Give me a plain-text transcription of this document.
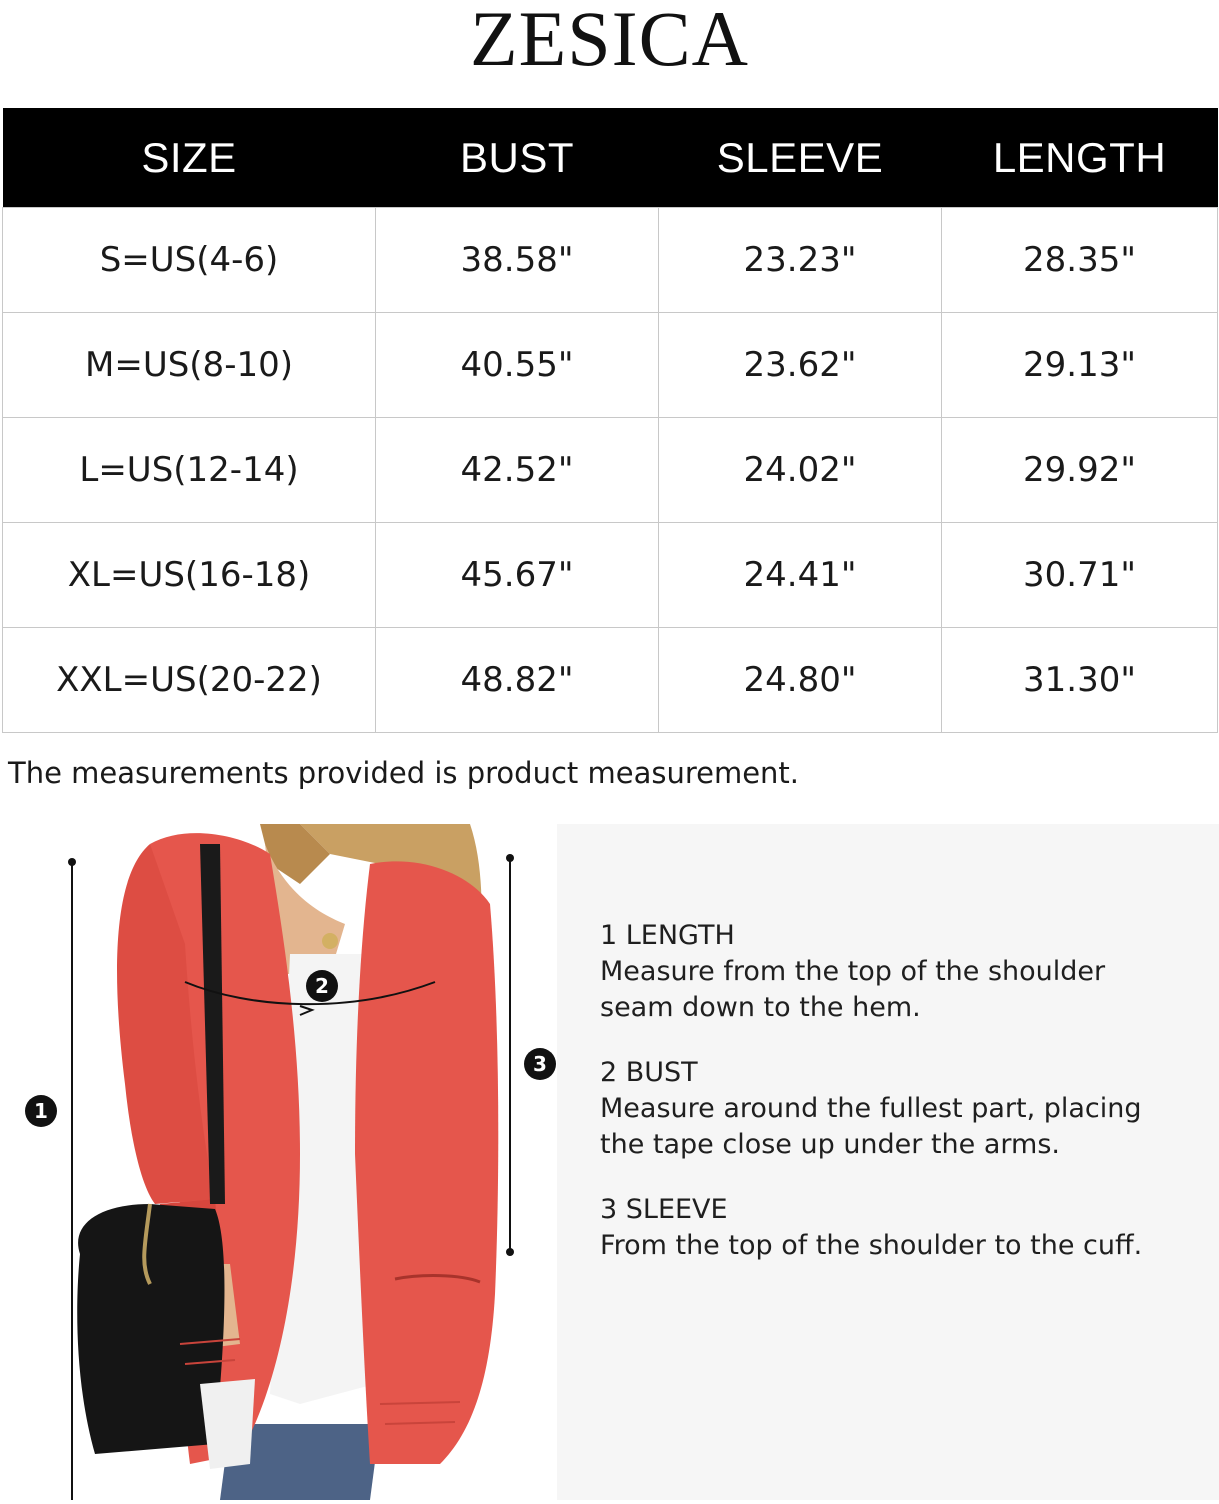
ZESICA
SIZE	BUST	SLEEVE	LENGTH
S=US(4-6)	38.58"	23.23"	28.35"
M=US(8-10)	40.55"	23.62"	29.13"
L=US(12-14)	42.52"	24.02"	29.92"
XL=US(16-18)	45.67"	24.41"	30.71"
XXL=US(20-22)	48.82"	24.80"	31.30"
The measurements provided is product measurement.
1
2
3
1 LENGTH
Measure from the top of the shoulder
seam down to the hem.
2 BUST
Measure around the fullest part, placing
the tape close up under the arms.
3 SLEEVE
From the top of the shoulder to the cuff.
